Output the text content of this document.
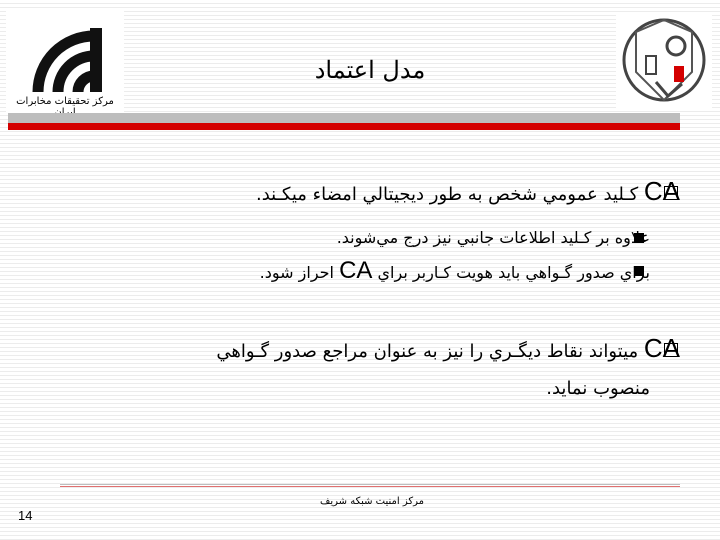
مرکز تحقیقات مخابرات
مدل اعتماد
CA كـليد عمومي شخص به طور ديجيتالي امضاء ميكـند.
علاوه بر كـليد اطلاعات جانبي نيز درج مي‌شوند.
براي صدور گـواهي بايد هويت كـاربر براي CA احراز شود.
CA ميتواند نقاط ديگـري را نيز به عنوان مراجع صدور گـواهي
منصوب نمايد.
مرکز امنیت شبکه شریف
14
